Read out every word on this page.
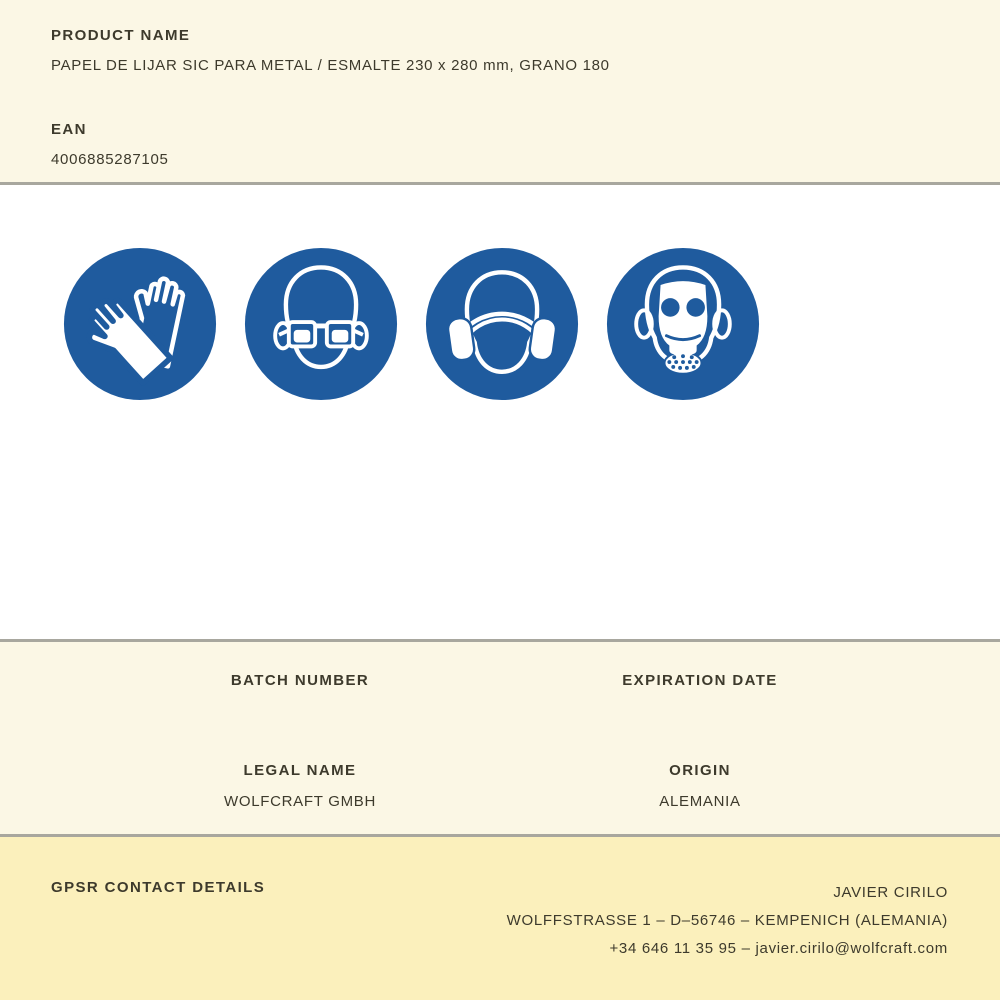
PRODUCT NAME
PAPEL DE LIJAR SIC PARA METAL / ESMALTE 230 x 280 mm, GRANO 180
EAN
4006885287105
BATCH NUMBER	EXPIRATION DATE
LEGAL NAME
WOLFCRAFT GMBH
ORIGIN
ALEMANIA
GPSR CONTACT DETAILS	JAVIER CIRILO
WOLFFSTRASSE 1 – D–56746 – KEMPENICH (ALEMANIA)
+34 646 11 35 95 – javier.cirilo@wolfcraft.com
